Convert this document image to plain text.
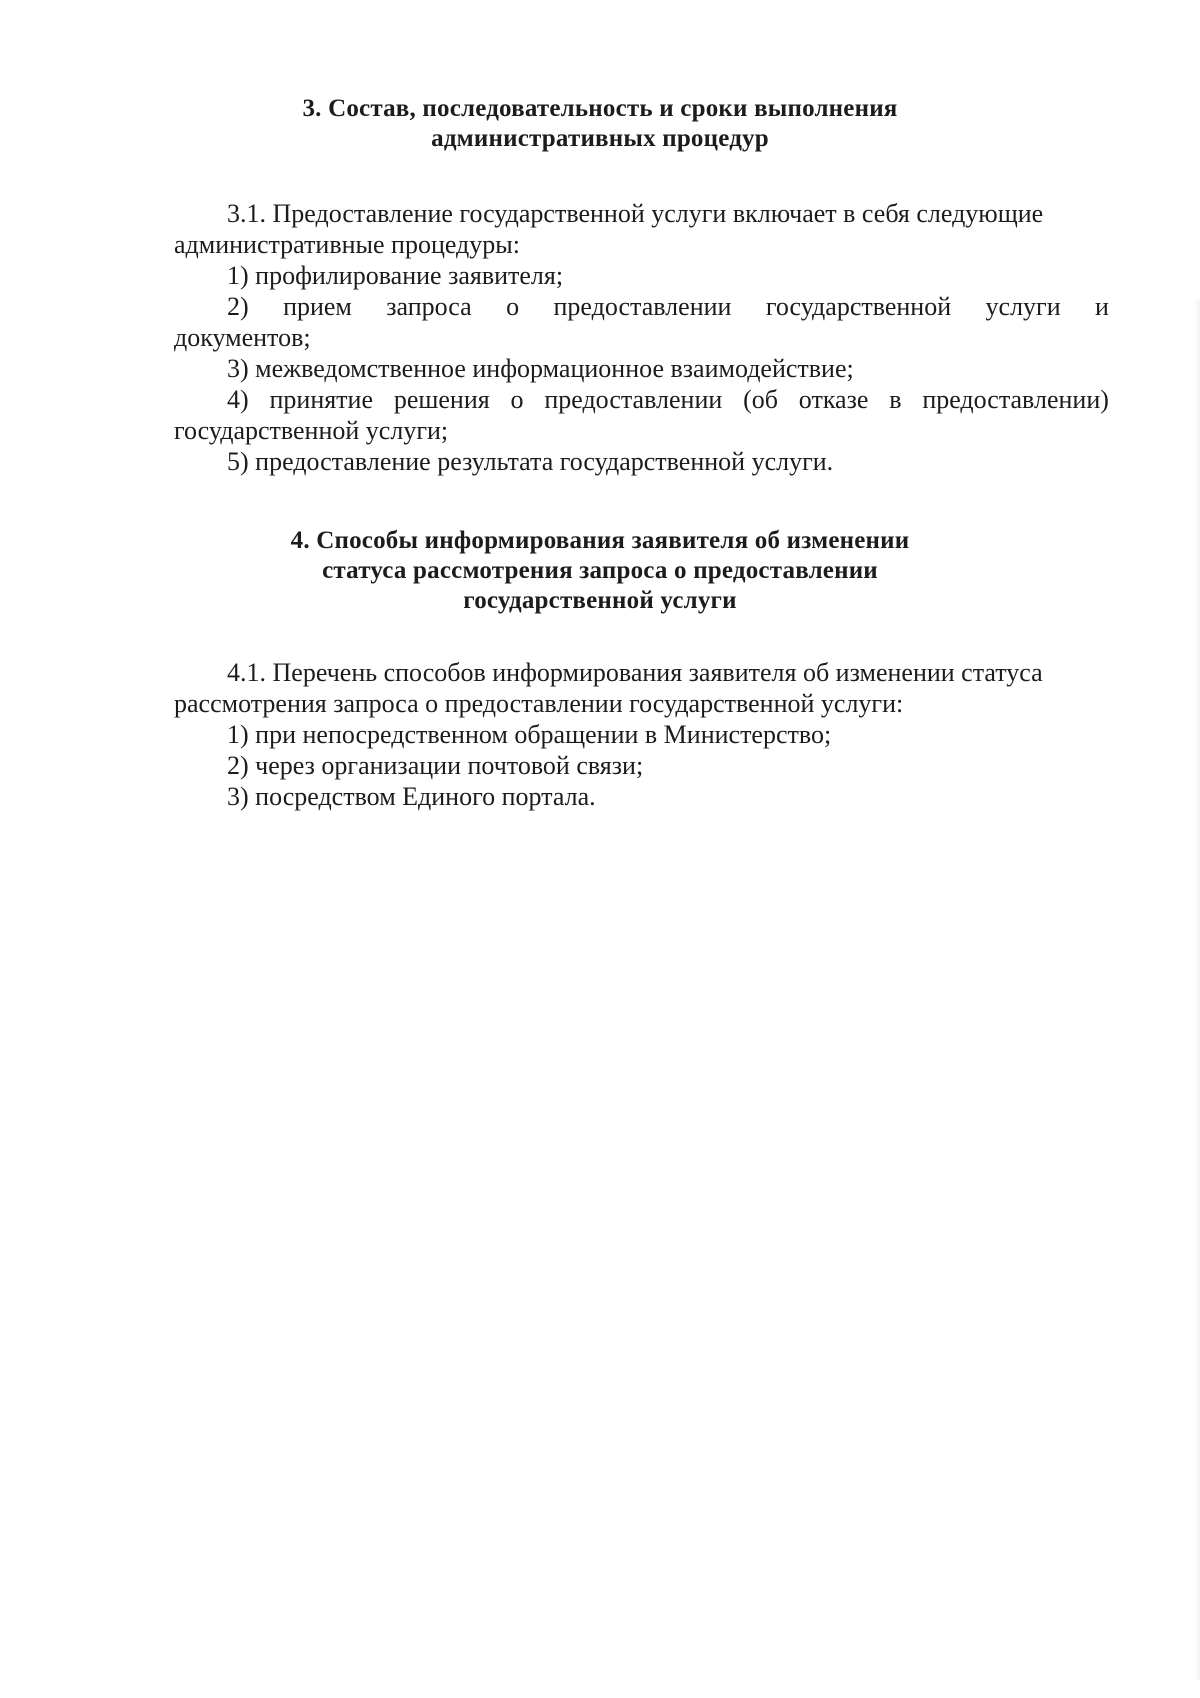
3. Состав, последовательность и сроки выполнения
административных процедур

3.1. Предоставление государственной услуги включает в себя следующие

административные процедуры:

1) профилирование заявителя;

2) прием запроса о предоставлении государственной услуги и

документов;

3) межведомственное информационное взаимодействие;

4) принятие решения о предоставлении (об отказе в предоставлении)

государственной услуги;

5) предоставление результата государственной услуги.

4. Способы информирования заявителя об изменении
статуса рассмотрения запроса о предоставлении
государственной услуги

4.1. Перечень способов информирования заявителя об изменении статуса

рассмотрения запроса о предоставлении государственной услуги:

1) при непосредственном обращении в Министерство;

2) через организации почтовой связи;

3) посредством Единого портала.
